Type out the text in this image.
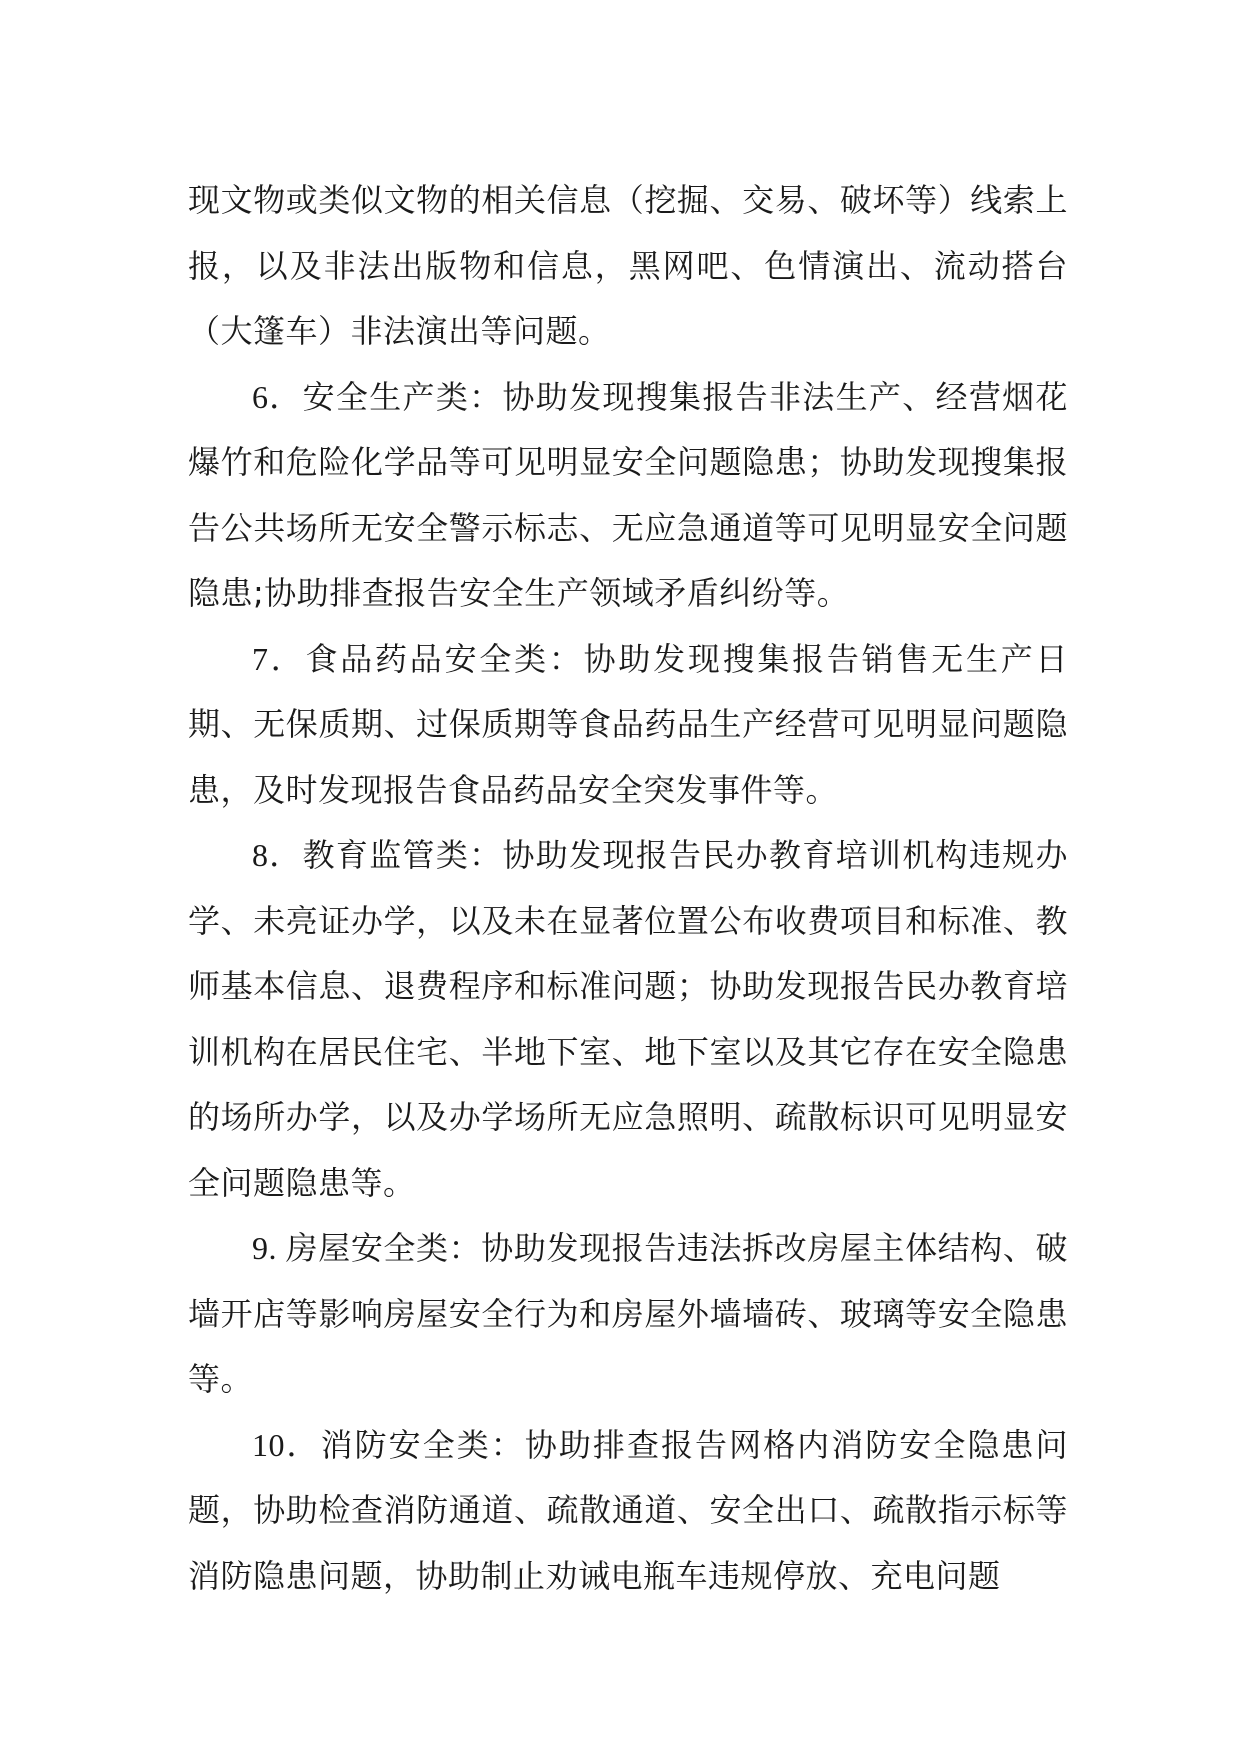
现文物或类似文物的相关信息（挖掘、交易、破坏等）线索上报，以及非法出版物和信息，黑网吧、色情演出、流动搭台（大篷车）非法演出等问题。

6．安全生产类：协助发现搜集报告非法生产、经营烟花爆竹和危险化学品等可见明显安全问题隐患；协助发现搜集报告公共场所无安全警示标志、无应急通道等可见明显安全问题隐患;协助排查报告安全生产领域矛盾纠纷等。

7．食品药品安全类：协助发现搜集报告销售无生产日期、无保质期、过保质期等食品药品生产经营可见明显问题隐患，及时发现报告食品药品安全突发事件等。

8．教育监管类：协助发现报告民办教育培训机构违规办学、未亮证办学，以及未在显著位置公布收费项目和标准、教师基本信息、退费程序和标准问题；协助发现报告民办教育培训机构在居民住宅、半地下室、地下室以及其它存在安全隐患的场所办学，以及办学场所无应急照明、疏散标识可见明显安全问题隐患等。

9. 房屋安全类：协助发现报告违法拆改房屋主体结构、破墙开店等影响房屋安全行为和房屋外墙墙砖、玻璃等安全隐患等。

10．消防安全类：协助排查报告网格内消防安全隐患问题，协助检查消防通道、疏散通道、安全出口、疏散指示标等消防隐患问题，协助制止劝诫电瓶车违规停放、充电问题
